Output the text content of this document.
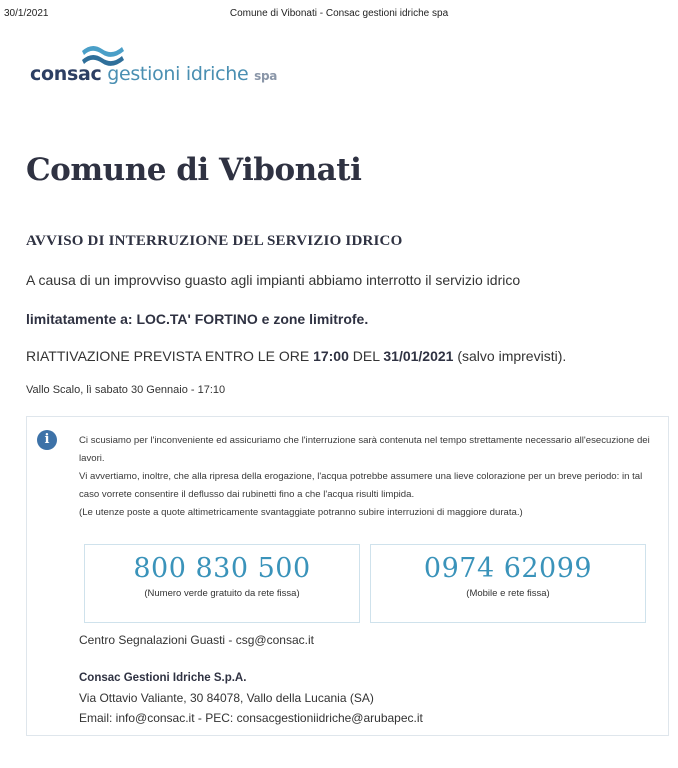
30/1/2021	Comune di Vibonati - Consac gestioni idriche spa
consac gestioni idriche spa
Comune di Vibonati
AVVISO DI INTERRUZIONE DEL SERVIZIO IDRICO
A causa di un improvviso guasto agli impianti abbiamo interrotto il servizio idrico
limitatamente a: LOC.TA' FORTINO e zone limitrofe.
RIATTIVAZIONE PREVISTA ENTRO LE ORE 17:00 DEL 31/01/2021 (salvo imprevisti).
Vallo Scalo, lì sabato 30 Gennaio - 17:10
i	Ci scusiamo per l'inconveniente ed assicuriamo che l'interruzione sarà contenuta nel tempo strettamente necessario all'esecuzione dei lavori.

Vi avvertiamo, inoltre, che alla ripresa della erogazione, l'acqua potrebbe assumere una lieve colorazione per un breve periodo: in tal caso vorrete consentire il deflusso dai rubinetti fino a che l'acqua risulti limpida.

(Le utenze poste a quote altimetricamente svantaggiate potranno subire interruzioni di maggiore durata.)

800 830 500
(Numero verde gratuito da rete fissa)
0974 62099
(Mobile e rete fissa)
Centro Segnalazioni Guasti - csg@consac.it
Consac Gestioni Idriche S.p.A.
Via Ottavio Valiante, 30 84078, Vallo della Lucania (SA)
Email: info@consac.it - PEC: consacgestioniidriche@arubapec.it
